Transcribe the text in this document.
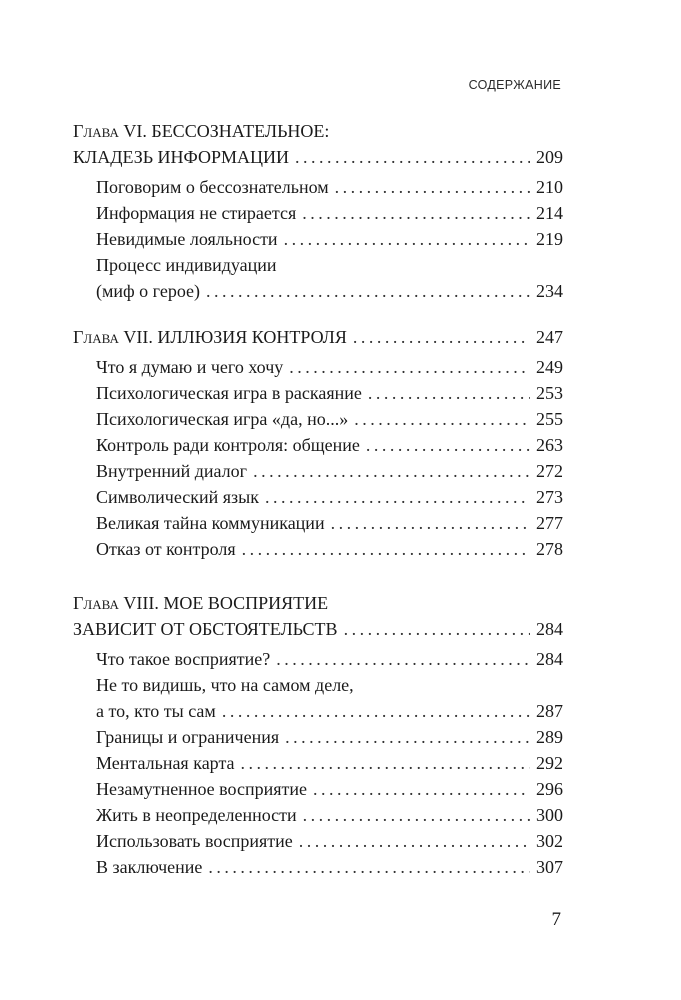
СОДЕРЖАНИЕ
Глава VI. БЕССОЗНАТЕЛЬНОЕ:
КЛАДЕЗЬ ИНФОРМАЦИИ . . .	209
Поговорим о бессознательном . . .	210
Информация не стирается . . .	214
Невидимые лояльности . . .	219
Процесс индивидуации
(миф о герое) . . .	234
Глава VII. ИЛЛЮЗИЯ КОНТРОЛЯ . . .	247
Что я думаю и чего хочу . . .	249
Психологическая игра в раскаяние . . .	253
Психологическая игра «да, но...» . . .	255
Контроль ради контроля: общение . . .	263
Внутренний диалог . . .	272
Символический язык . . .	273
Великая тайна коммуникации . . .	277
Отказ от контроля . . .	278
Глава VIII. МОЕ ВОСПРИЯТИЕ
ЗАВИСИТ ОТ ОБСТОЯТЕЛЬСТВ . . .	284
Что такое восприятие? . . .	284
Не то видишь, что на самом деле,
а то, кто ты сам . . .	287
Границы и ограничения . . .	289
Ментальная карта . . .	292
Незамутненное восприятие . . .	296
Жить в неопределенности . . .	300
Использовать восприятие . . .	302
В заключение . . .	307
7
